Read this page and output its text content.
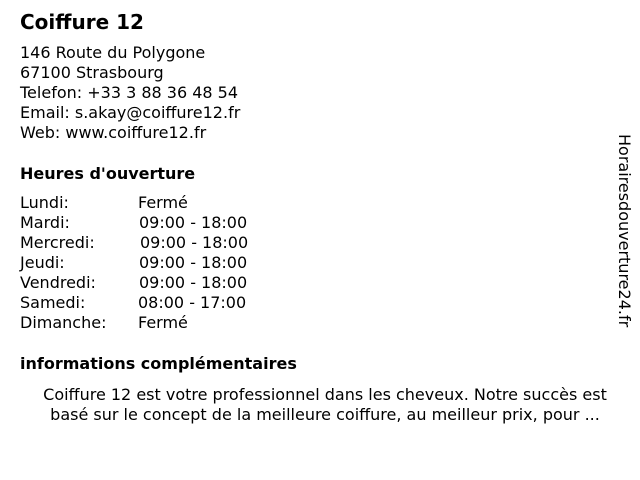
Coiffure 12
146 Route du Polygone
67100 Strasbourg
Telefon: +33 3 88 36 48 54
Email: s.akay@coiffure12.fr
Web: www.coiffure12.fr
Heures d'ouverture
Lundi:	Fermé
Mardi:	09:00 - 18:00
Mercredi:	09:00 - 18:00
Jeudi:	09:00 - 18:00
Vendredi:	09:00 - 18:00
Samedi:	08:00 - 17:00
Dimanche: Fermé
informations complémentaires
Coiffure 12 est votre professionnel dans les cheveux. Notre succès est
basé sur le concept de la meilleure coiffure, au meilleur prix, pour ...
Horairesdouverture24.fr
